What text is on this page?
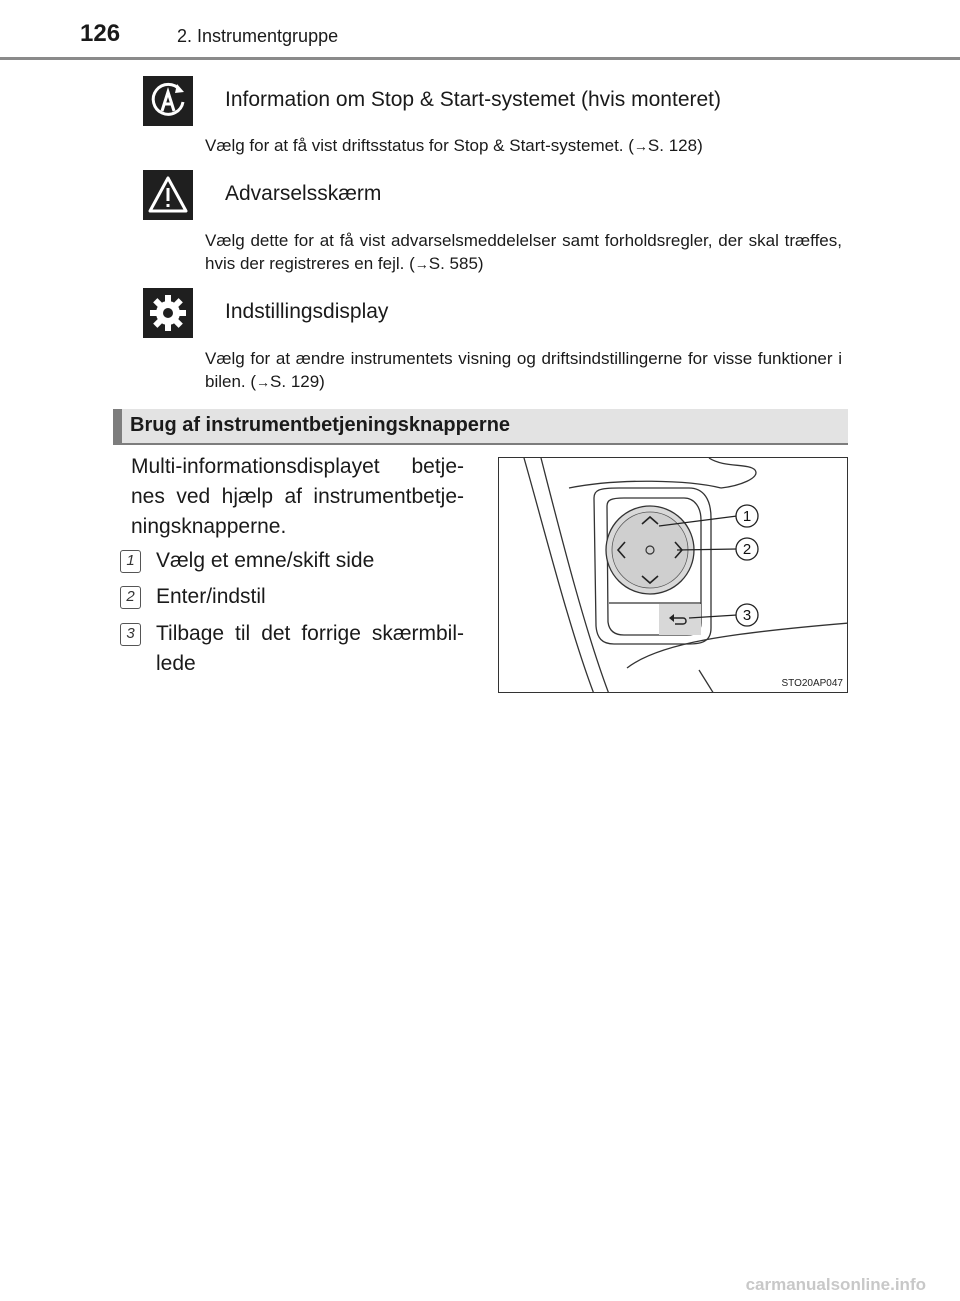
126	2. Instrumentgruppe
Information om Stop & Start-systemet (hvis monteret)
Vælg for at få vist driftsstatus for Stop & Start-systemet. (→S. 128)
Advarselsskærm
Vælg dette for at få vist advarselsmeddelelser samt forholdsregler, der skal træffes, hvis der registreres en fejl. (→S. 585)
Indstillingsdisplay
Vælg for at ændre instrumentets visning og driftsindstillingerne for visse funktioner i bilen. (→S. 129)
Brug af instrumentbetjeningsknapperne
Multi-informationsdisplayet betje-nes ved hjælp af instrumentbetje-ningsknapperne.
1	Vælg et emne/skift side
2	Enter/indstil
3	Tilbage til det forrige skærmbil-lede
1
2
3
STO20AP047
carmanualsonline.info
